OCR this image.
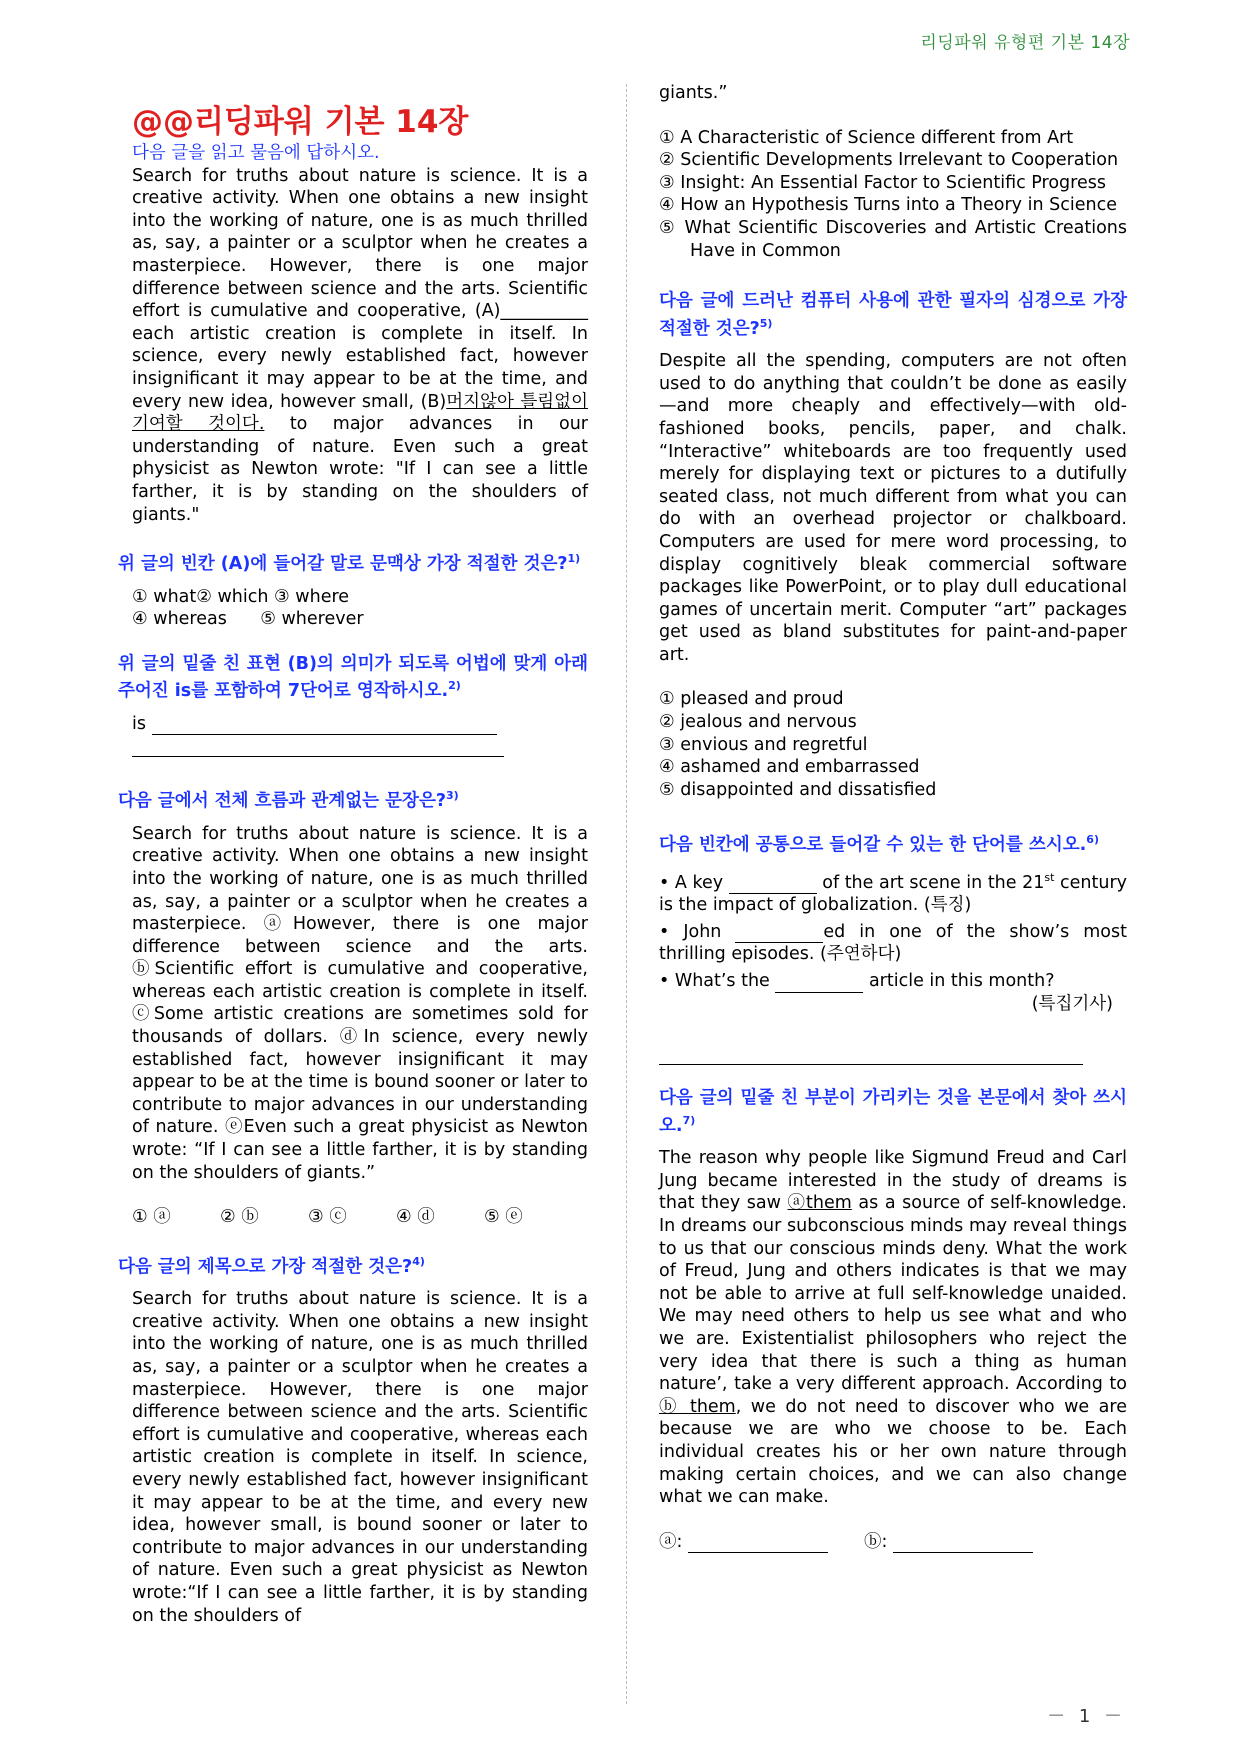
리딩파워 유형편 기본 14장
@@리딩파워 기본 14장
다음 글을 읽고 물음에 답하시오.
Search for truths about nature is science. It is a creative activity. When one obtains a new insight into the working of nature, one is as much thrilled as, say, a painter or a sculptor when he creates a masterpiece. However, there is one major difference between science and the arts. Scientific effort is cumulative and cooperative, (A)__________ each artistic creation is complete in itself. In science, every newly established fact, however insignificant it may appear to be at the time, and every new idea, however small, (B)머지않아 틀림없이 기여할 것이다. to major advances in our understanding of nature. Even such a great physicist as Newton wrote: "If I can see a little farther, it is by standing on the shoulders of giants."
위 글의 빈칸 (A)에 들어갈 말로 문맥상 가장 적절한 것은?$^{1)}$
① what② which ③ where
④ whereas      ⑤ wherever
위 글의 밑줄 친 표현 (B)의 의미가 되도록 어법에 맞게 아래 주어진 is를 포함하여 7단어로 영작하시오.$^{2)}$
is
다음 글에서 전체 흐름과 관계없는 문장은?$^{3)}$
Search for truths about nature is science. It is a creative activity. When one obtains a new insight into the working of nature, one is as much thrilled as, say, a painter or a sculptor when he creates a masterpiece. ⓐHowever, there is one major difference between science and the arts. ⓑScientific effort is cumulative and cooperative, whereas each artistic creation is complete in itself. ⓒSome artistic creations are sometimes sold for thousands of dollars. ⓓIn science, every newly established fact, however insignificant it may appear to be at the time is bound sooner or later to contribute to major advances in our understanding of nature. ⓔEven such a great physicist as Newton wrote: “If I can see a little farther, it is by standing on the shoulders of giants.”
① ⓐ	② ⓑ	③ ⓒ	④ ⓓ	⑤ ⓔ
다음 글의 제목으로 가장 적절한 것은?$^{4)}$
Search for truths about nature is science. It is a creative activity. When one obtains a new insight into the working of nature, one is as much thrilled as, say, a painter or a sculptor when he creates a masterpiece. However, there is one major difference between science and the arts. Scientific effort is cumulative and cooperative, whereas each artistic creation is complete in itself. In science, every newly established fact, however insignificant it may appear to be at the time, and every new idea, however small, is bound sooner or later to contribute to major advances in our understanding of nature. Even such a great physicist as Newton wrote:“If I can see a little farther, it is by standing on the shoulders of
giants.”
① A Characteristic of Science different from Art
② Scientific Developments Irrelevant to Cooperation
③ Insight: An Essential Factor to Scientific Progress
④ How an Hypothesis Turns into a Theory in Science
⑤ What Scientific Discoveries and Artistic Creations Have in Common
다음 글에 드러난 컴퓨터 사용에 관한 필자의 심경으로 가장 적절한 것은?$^{5)}$
Despite all the spending, computers are not often used to do anything that couldn’t be done as easily—and more cheaply and effectively—with old-fashioned books, pencils, paper, and chalk. “Interactive” whiteboards are too frequently used merely for displaying text or pictures to a dutifully seated class, not much different from what you can do with an overhead projector or chalkboard. Computers are used for mere word processing, to display cognitively bleak commercial software packages like PowerPoint, or to play dull educational games of uncertain merit. Computer “art” packages get used as bland substitutes for paint-and-paper art.
① pleased and proud
② jealous and nervous
③ envious and regretful
④ ashamed and embarrassed
⑤ disappointed and dissatisfied
다음 빈칸에 공통으로 들어갈 수 있는 한 단어를 쓰시오.$^{6)}$
• A key	of the art scene in the 21st century is the impact of globalization. (특징)
• John	ed in one of the show’s most thrilling episodes. (주연하다)
• What’s the	article in this month?
(특집기사)
다음 글의 밑줄 친 부분이 가리키는 것을 본문에서 찾아 쓰시오.$^{7)}$
The reason why people like Sigmund Freud and Carl Jung became interested in the study of dreams is that they saw ⓐthem as a source of self-knowledge. In dreams our subconscious minds may reveal things to us that our conscious minds deny. What the work of Freud, Jung and others indicates is that we may not be able to arrive at full self-knowledge unaided. We may need others to help us see what and who we are. Existentialist philosophers who reject the very idea that there is such a thing as human nature’, take a very different approach. According to ⓑ them, we do not need to discover who we are because we are who we choose to be. Each individual creates his or her own nature through making certain choices, and we can also change what we can make.
ⓐ:	ⓑ:
－ 1 －
